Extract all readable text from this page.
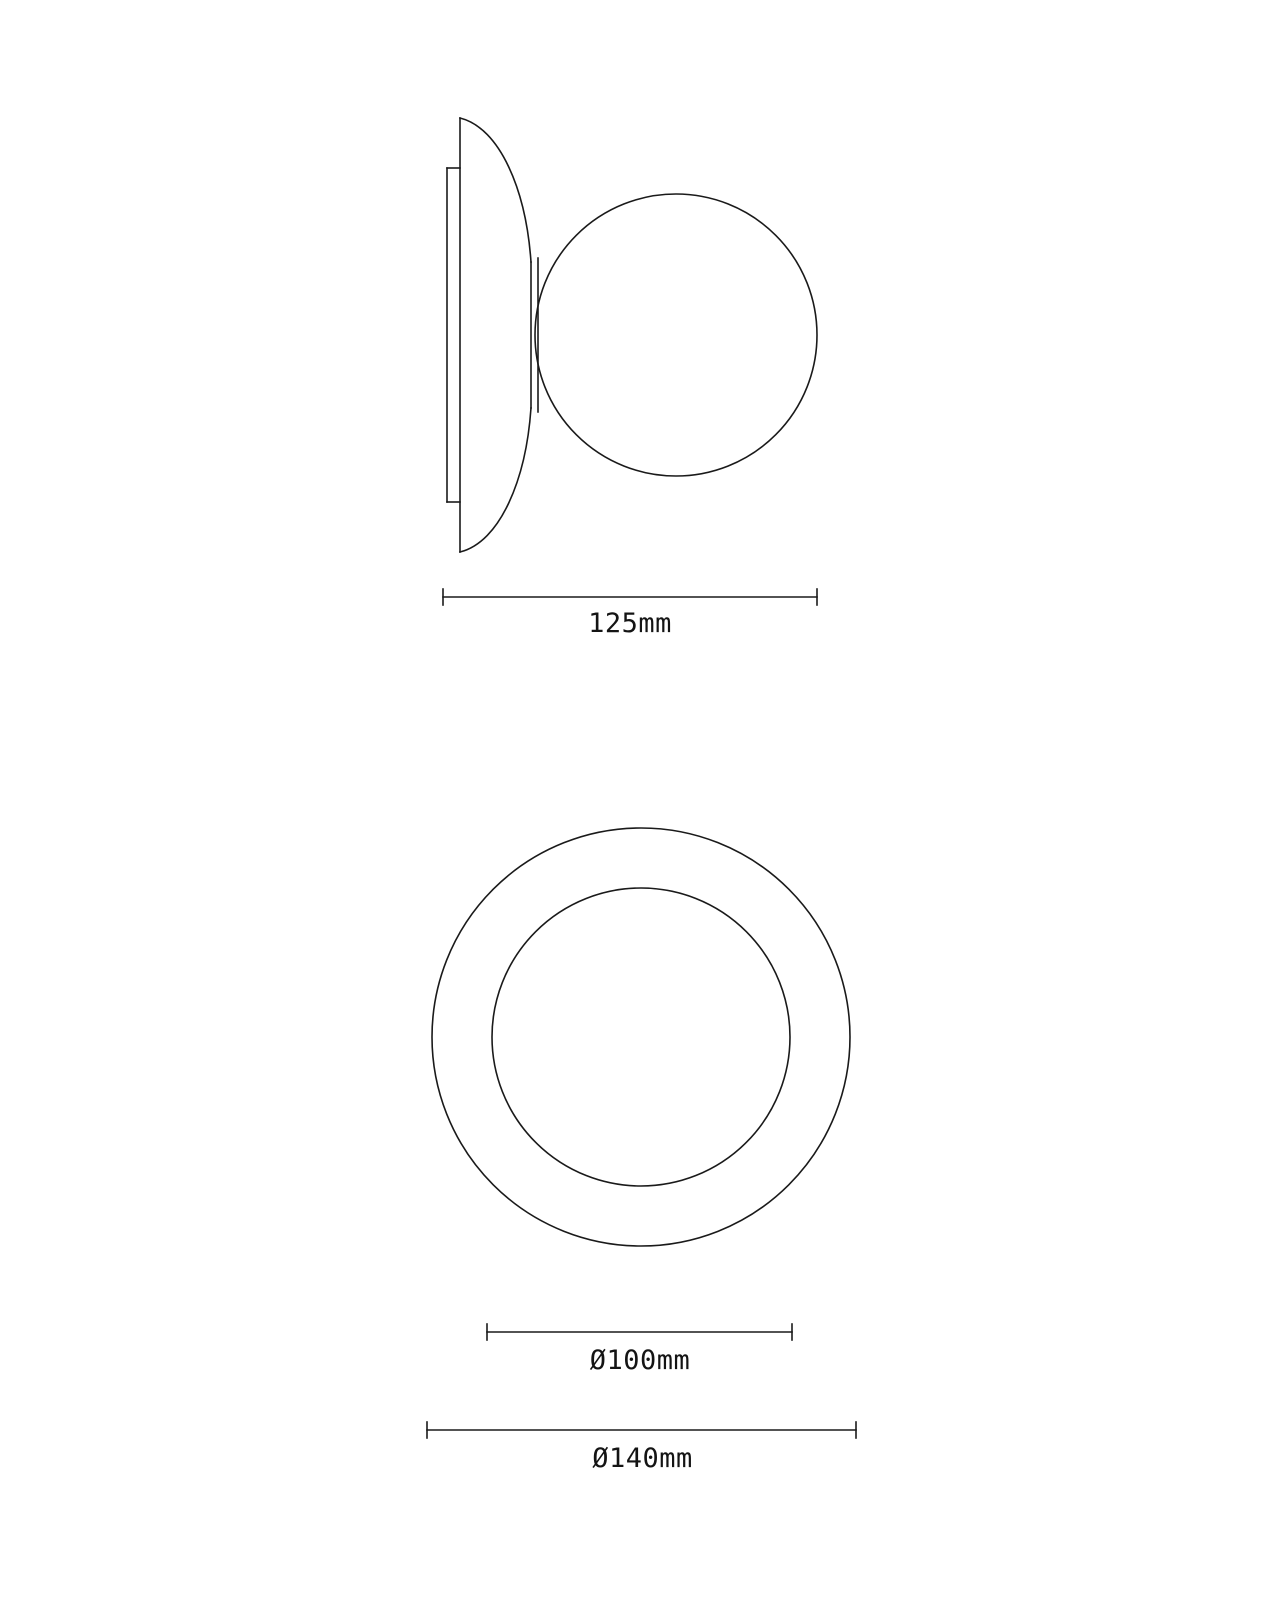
125mm
Ø100mm
Ø140mm
